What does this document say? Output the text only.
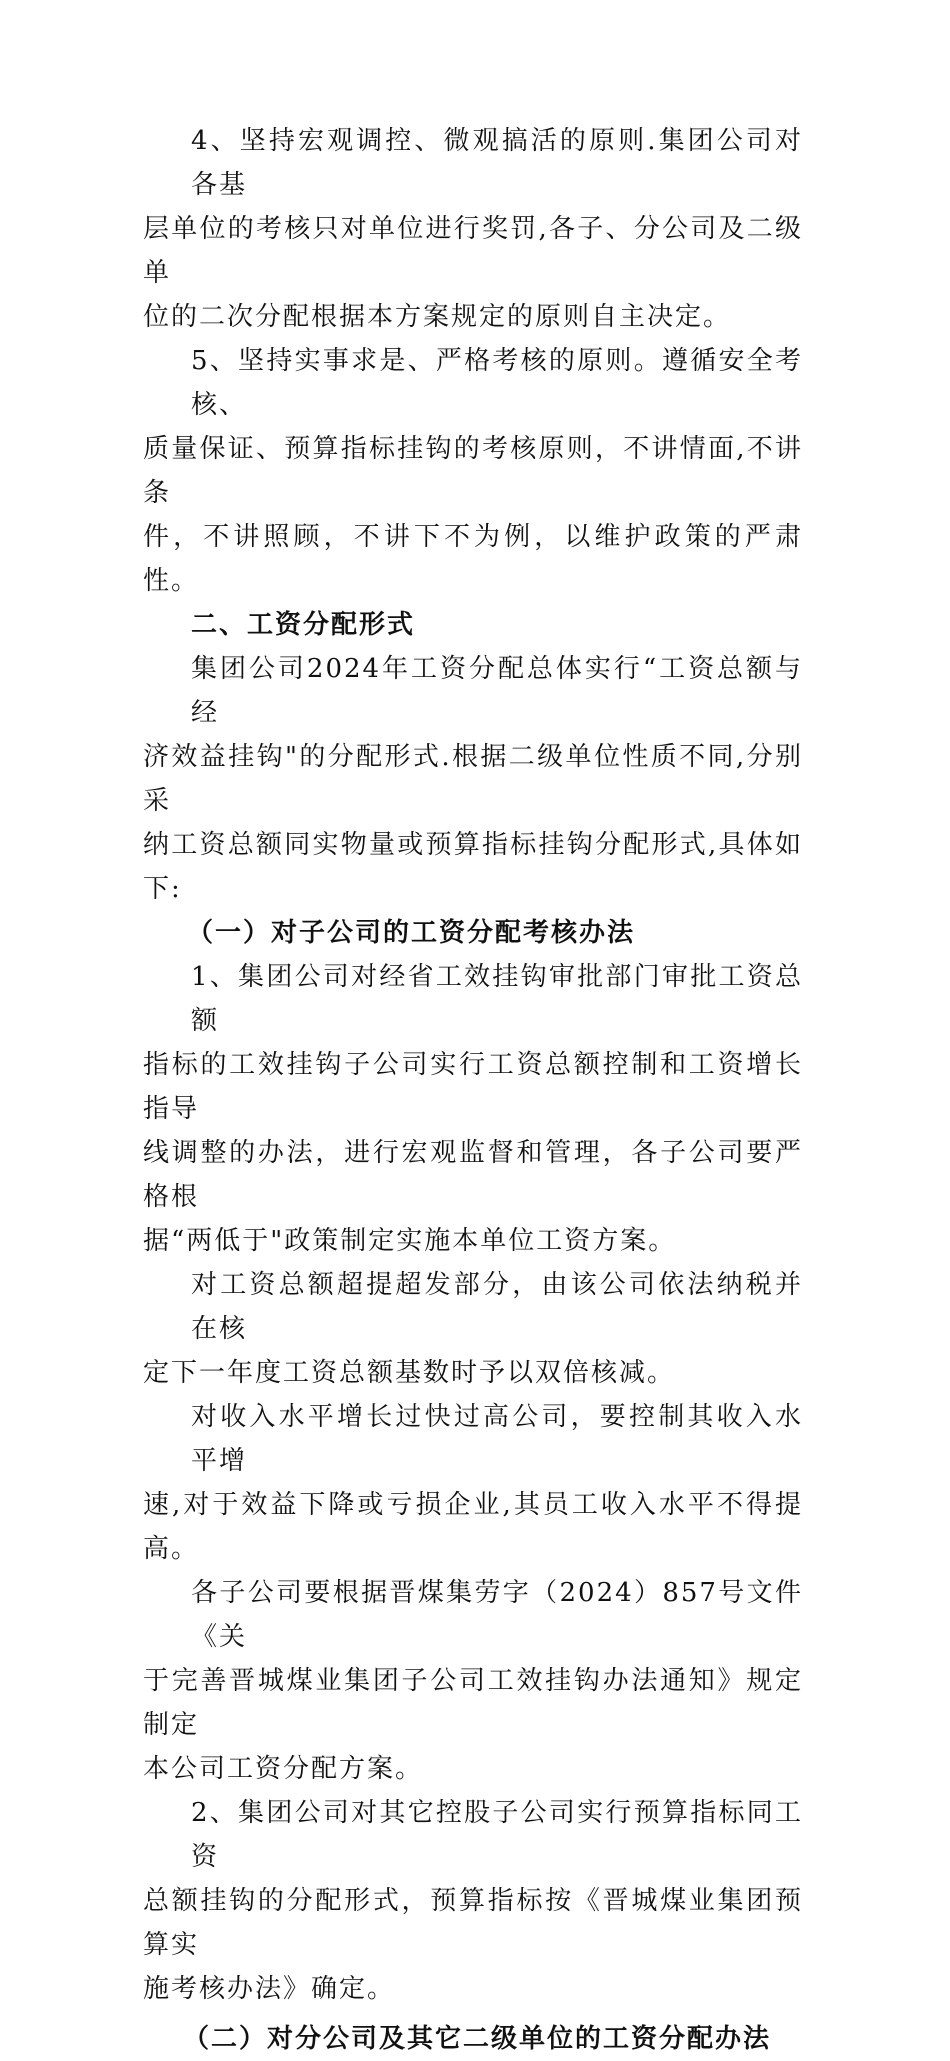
4、坚持宏观调控、微观搞活的原则.集团公司对各基
层单位的考核只对单位进行奖罚,各子、分公司及二级单
位的二次分配根据本方案规定的原则自主决定。

5、坚持实事求是、严格考核的原则。遵循安全考核、
质量保证、预算指标挂钩的考核原则，不讲情面,不讲条
件，不讲照顾，不讲下不为例，以维护政策的严肃性。

二、工资分配形式

集团公司2024年工资分配总体实行“工资总额与经
济效益挂钩"的分配形式.根据二级单位性质不同,分别采
纳工资总额同实物量或预算指标挂钩分配形式,具体如下:

（一）对子公司的工资分配考核办法

1、集团公司对经省工效挂钩审批部门审批工资总额
指标的工效挂钩子公司实行工资总额控制和工资增长指导
线调整的办法，进行宏观监督和管理，各子公司要严格根
据“两低于"政策制定实施本单位工资方案。

对工资总额超提超发部分，由该公司依法纳税并在核
定下一年度工资总额基数时予以双倍核减。

对收入水平增长过快过高公司，要控制其收入水平增
速,对于效益下降或亏损企业,其员工收入水平不得提高。

各子公司要根据晋煤集劳字（2024）857号文件《关
于完善晋城煤业集团子公司工效挂钩办法通知》规定制定
本公司工资分配方案。

2、集团公司对其它控股子公司实行预算指标同工资
总额挂钩的分配形式，预算指标按《晋城煤业集团预算实
施考核办法》确定。

（二）对分公司及其它二级单位的工资分配办法
